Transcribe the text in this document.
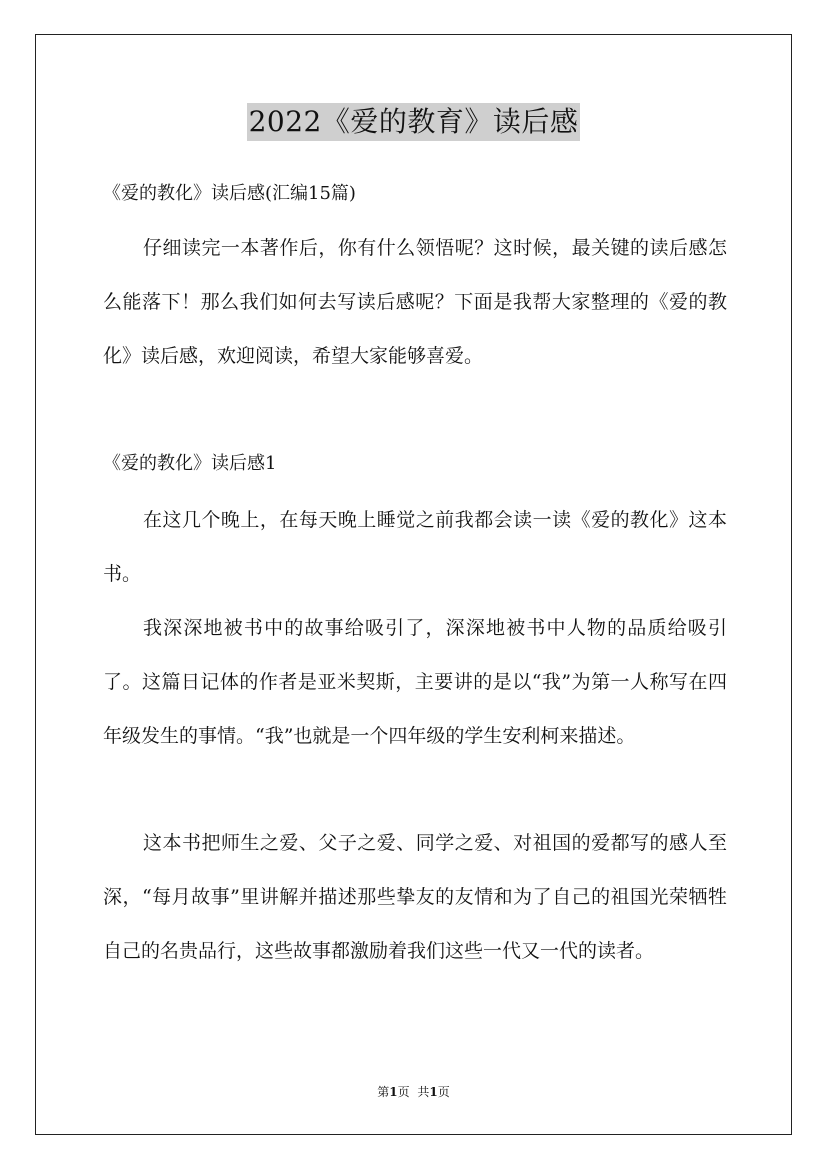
2022《爱的教育》读后感
《爱的教化》读后感(汇编15篇)
仔细读完一本著作后，你有什么领悟呢？这时候，最关键的读后感怎么能落下！那么我们如何去写读后感呢？下面是我帮大家整理的《爱的教化》读后感，欢迎阅读，希望大家能够喜爱。
《爱的教化》读后感1
在这几个晚上，在每天晚上睡觉之前我都会读一读《爱的教化》这本书。
我深深地被书中的故事给吸引了，深深地被书中人物的品质给吸引了。这篇日记体的作者是亚米契斯，主要讲的是以“我”为第一人称写在四年级发生的事情。“我”也就是一个四年级的学生安利柯来描述。
这本书把师生之爱、父子之爱、同学之爱、对祖国的爱都写的感人至深，“每月故事”里讲解并描述那些挚友的友情和为了自己的祖国光荣牺牲自己的名贵品行，这些故事都激励着我们这些一代又一代的读者。
第1页 共1页
